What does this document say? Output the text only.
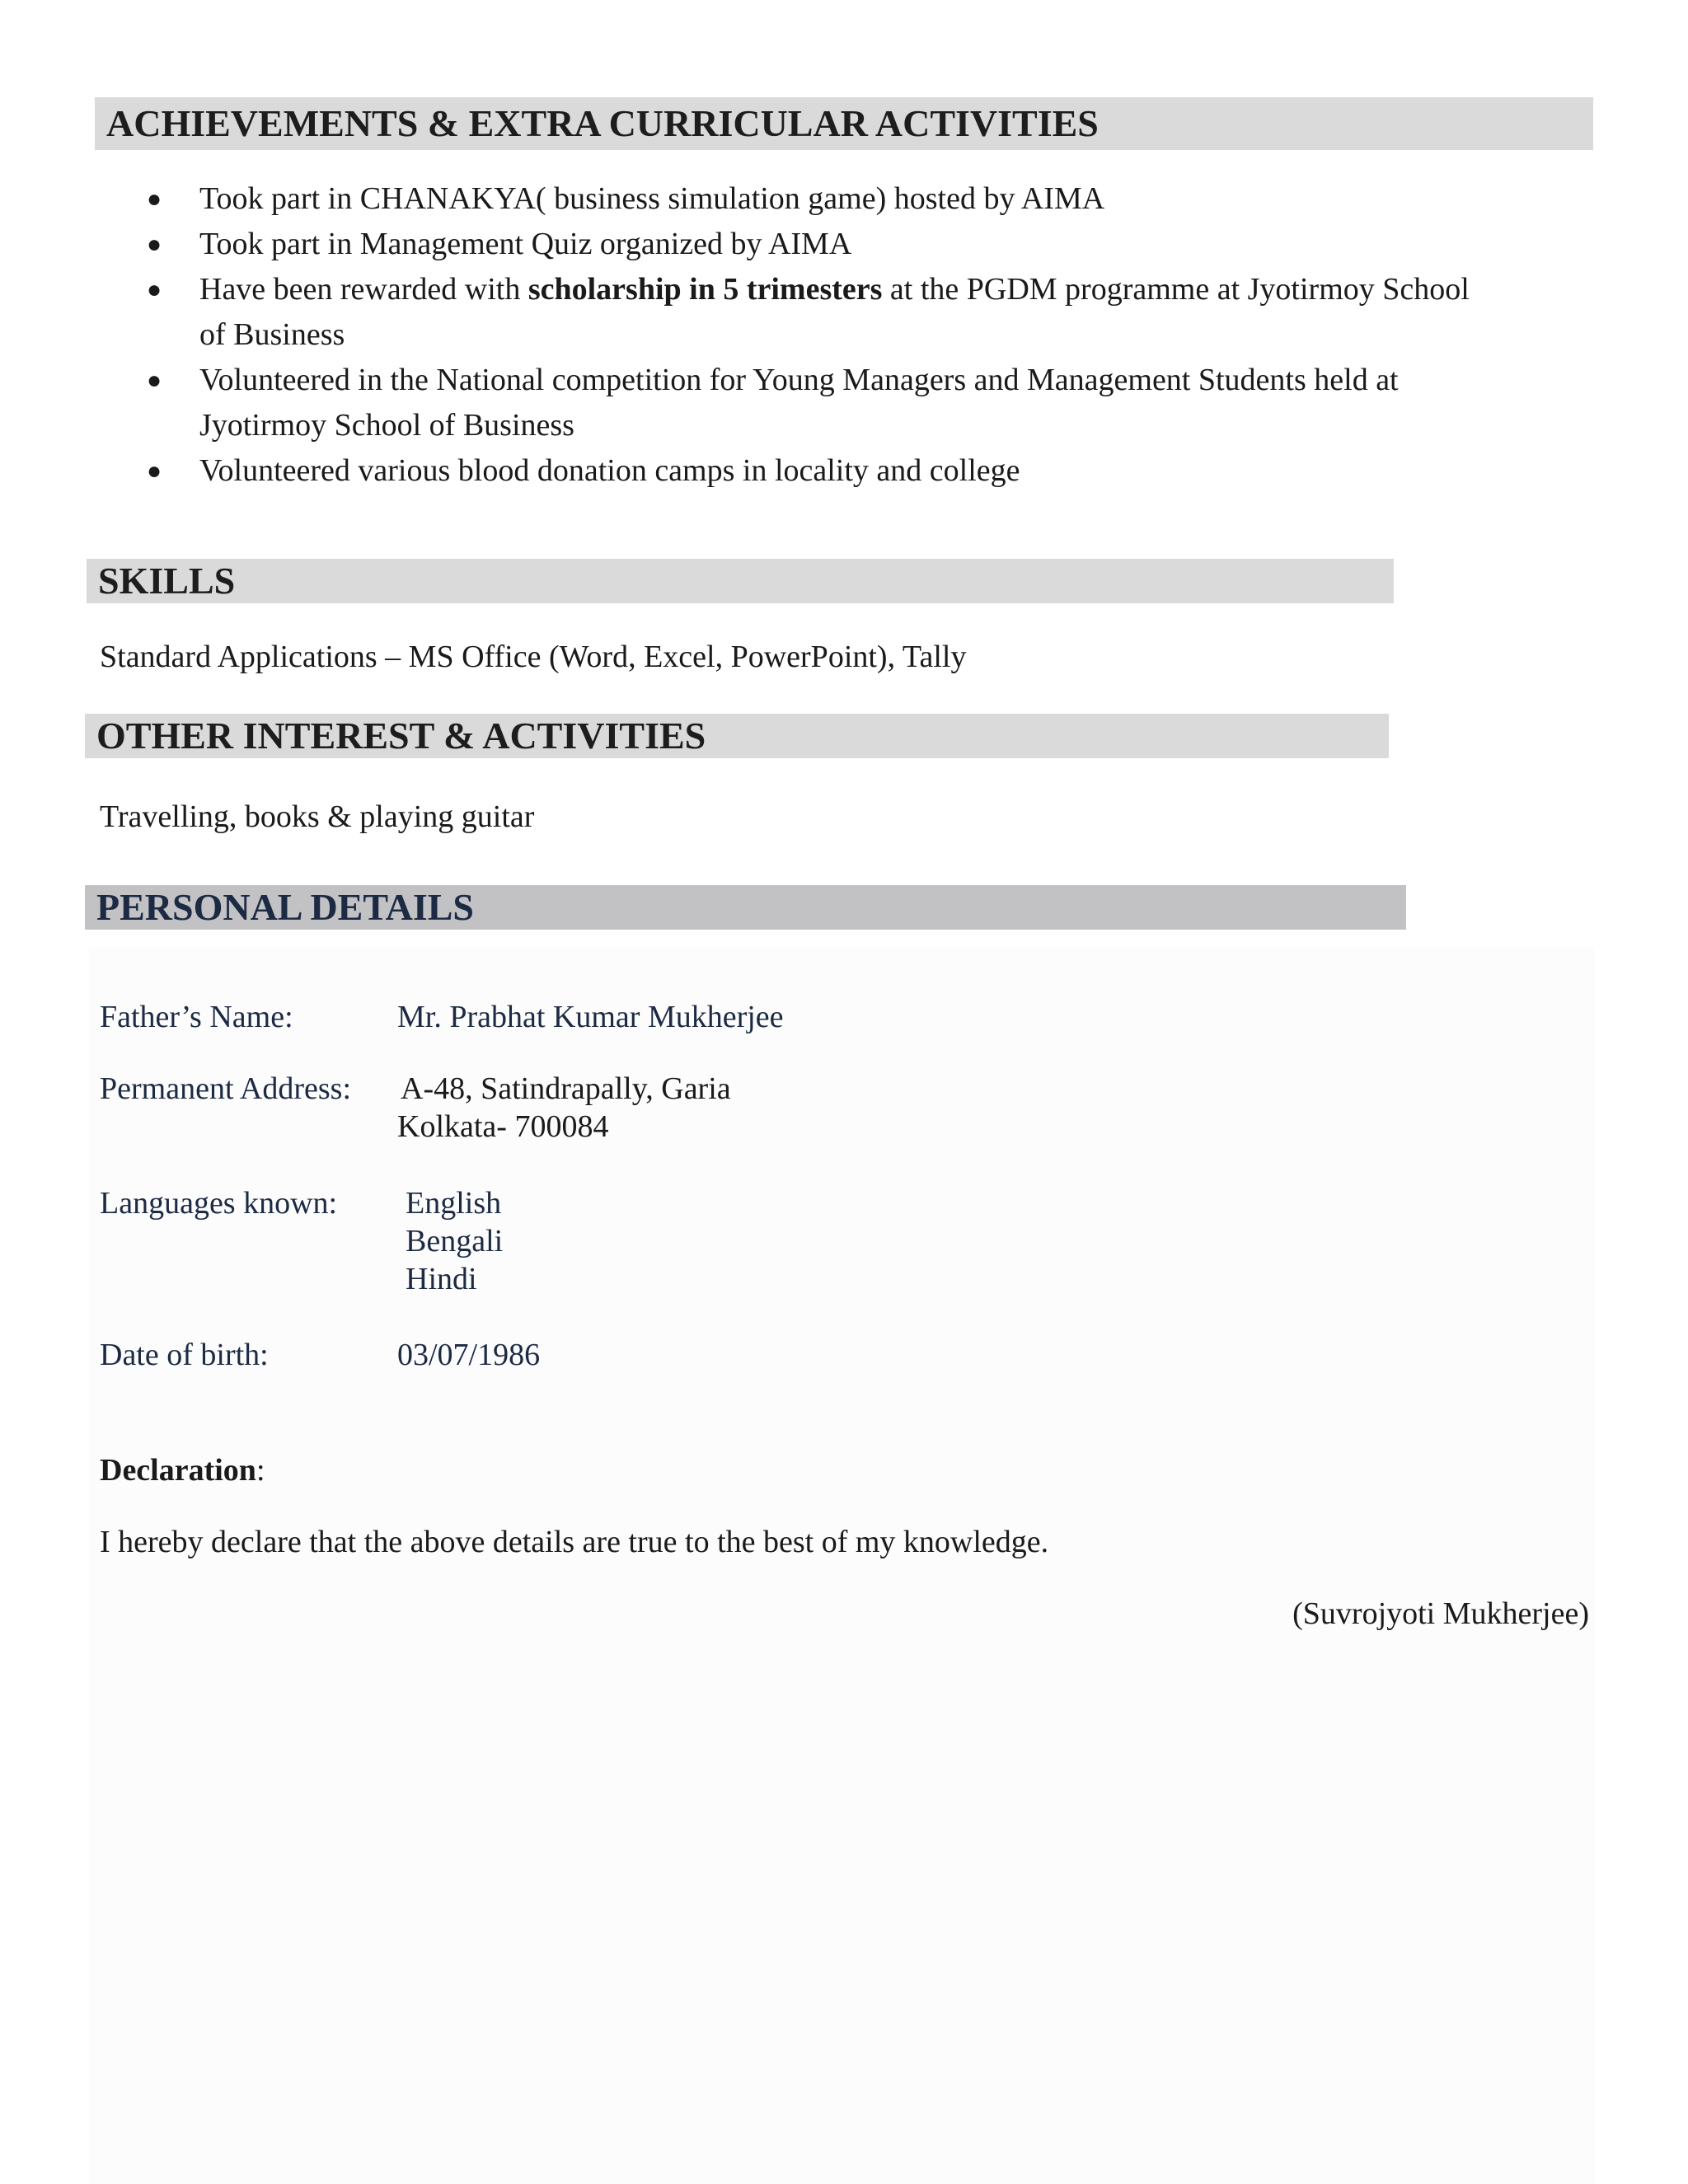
ACHIEVEMENTS & EXTRA CURRICULAR ACTIVITIES
● Took part in CHANAKYA( business simulation game) hosted by AIMA
● Took part in Management Quiz organized by AIMA
● Have been rewarded with scholarship in 5 trimesters at the PGDM programme at Jyotirmoy School of Business
● Volunteered in the National competition for Young Managers and Management Students held at Jyotirmoy School of Business
● Volunteered various blood donation camps in locality and college
SKILLS
Standard Applications – MS Office (Word, Excel, PowerPoint), Tally
OTHER INTEREST & ACTIVITIES
Travelling, books & playing guitar
PERSONAL DETAILS
Father’s Name:	Mr. Prabhat Kumar Mukherjee
Permanent Address: A-48, Satindrapally, Garia
Kolkata- 700084
Languages known: English
Bengali
Hindi
Date of birth:	03/07/1986
Declaration:
I hereby declare that the above details are true to the best of my knowledge.
(Suvrojyoti Mukherjee)
